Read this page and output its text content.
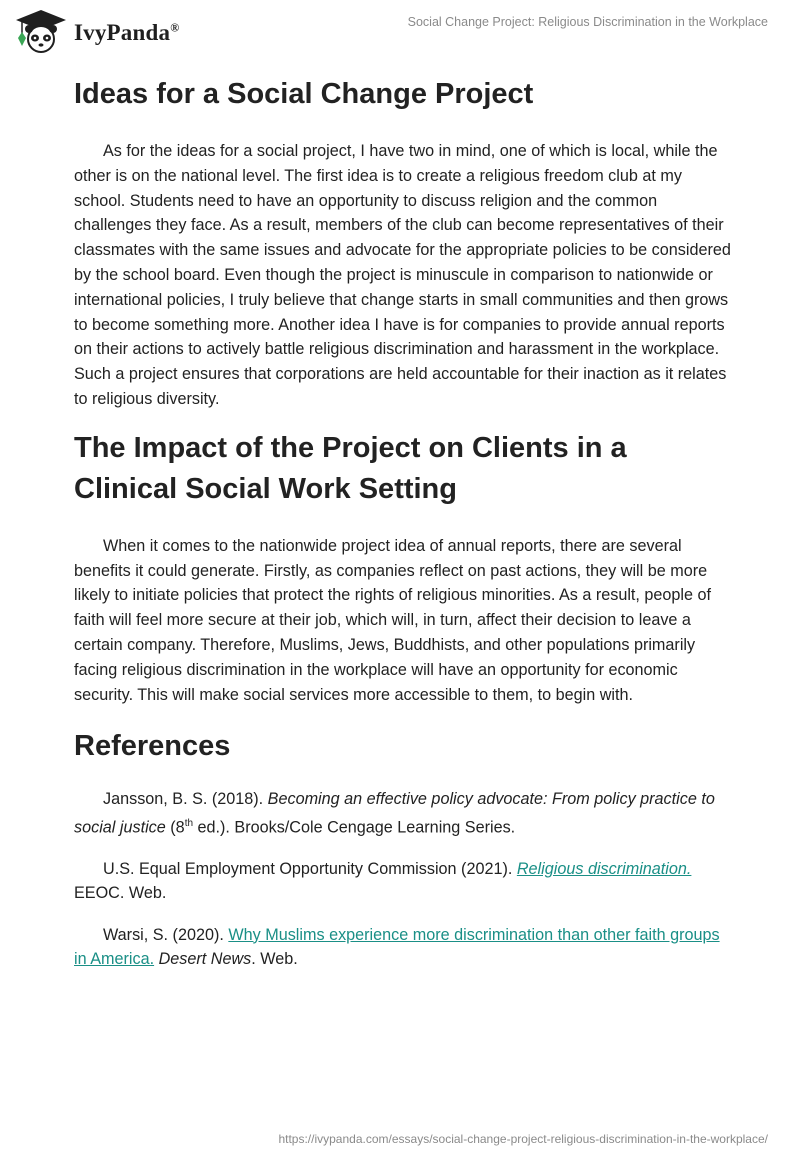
IvyPanda®	Social Change Project: Religious Discrimination in the Workplace
Ideas for a Social Change Project

As for the ideas for a social project, I have two in mind, one of which is local, while the other is on the national level. The first idea is to create a religious freedom club at my school. Students need to have an opportunity to discuss religion and the common challenges they face. As a result, members of the club can become representatives of their classmates with the same issues and advocate for the appropriate policies to be considered by the school board. Even though the project is minuscule in comparison to nationwide or international policies, I truly believe that change starts in small communities and then grows to become something more. Another idea I have is for companies to provide annual reports on their actions to actively battle religious discrimination and harassment in the workplace. Such a project ensures that corporations are held accountable for their inaction as it relates to religious diversity.

The Impact of the Project on Clients in a Clinical Social Work Setting

When it comes to the nationwide project idea of annual reports, there are several benefits it could generate. Firstly, as companies reflect on past actions, they will be more likely to initiate policies that protect the rights of religious minorities. As a result, people of faith will feel more secure at their job, which will, in turn, affect their decision to leave a certain company. Therefore, Muslims, Jews, Buddhists, and other populations primarily facing religious discrimination in the workplace will have an opportunity for economic security. This will make social services more accessible to them, to begin with.

References

Jansson, B. S. (2018). Becoming an effective policy advocate: From policy practice to social justice (8th ed.). Brooks/Cole Cengage Learning Series.

U.S. Equal Employment Opportunity Commission (2021). Religious discrimination. EEOC. Web.

Warsi, S. (2020). Why Muslims experience more discrimination than other faith groups in America. Desert News. Web.

https://ivypanda.com/essays/social-change-project-religious-discrimination-in-the-workplace/
